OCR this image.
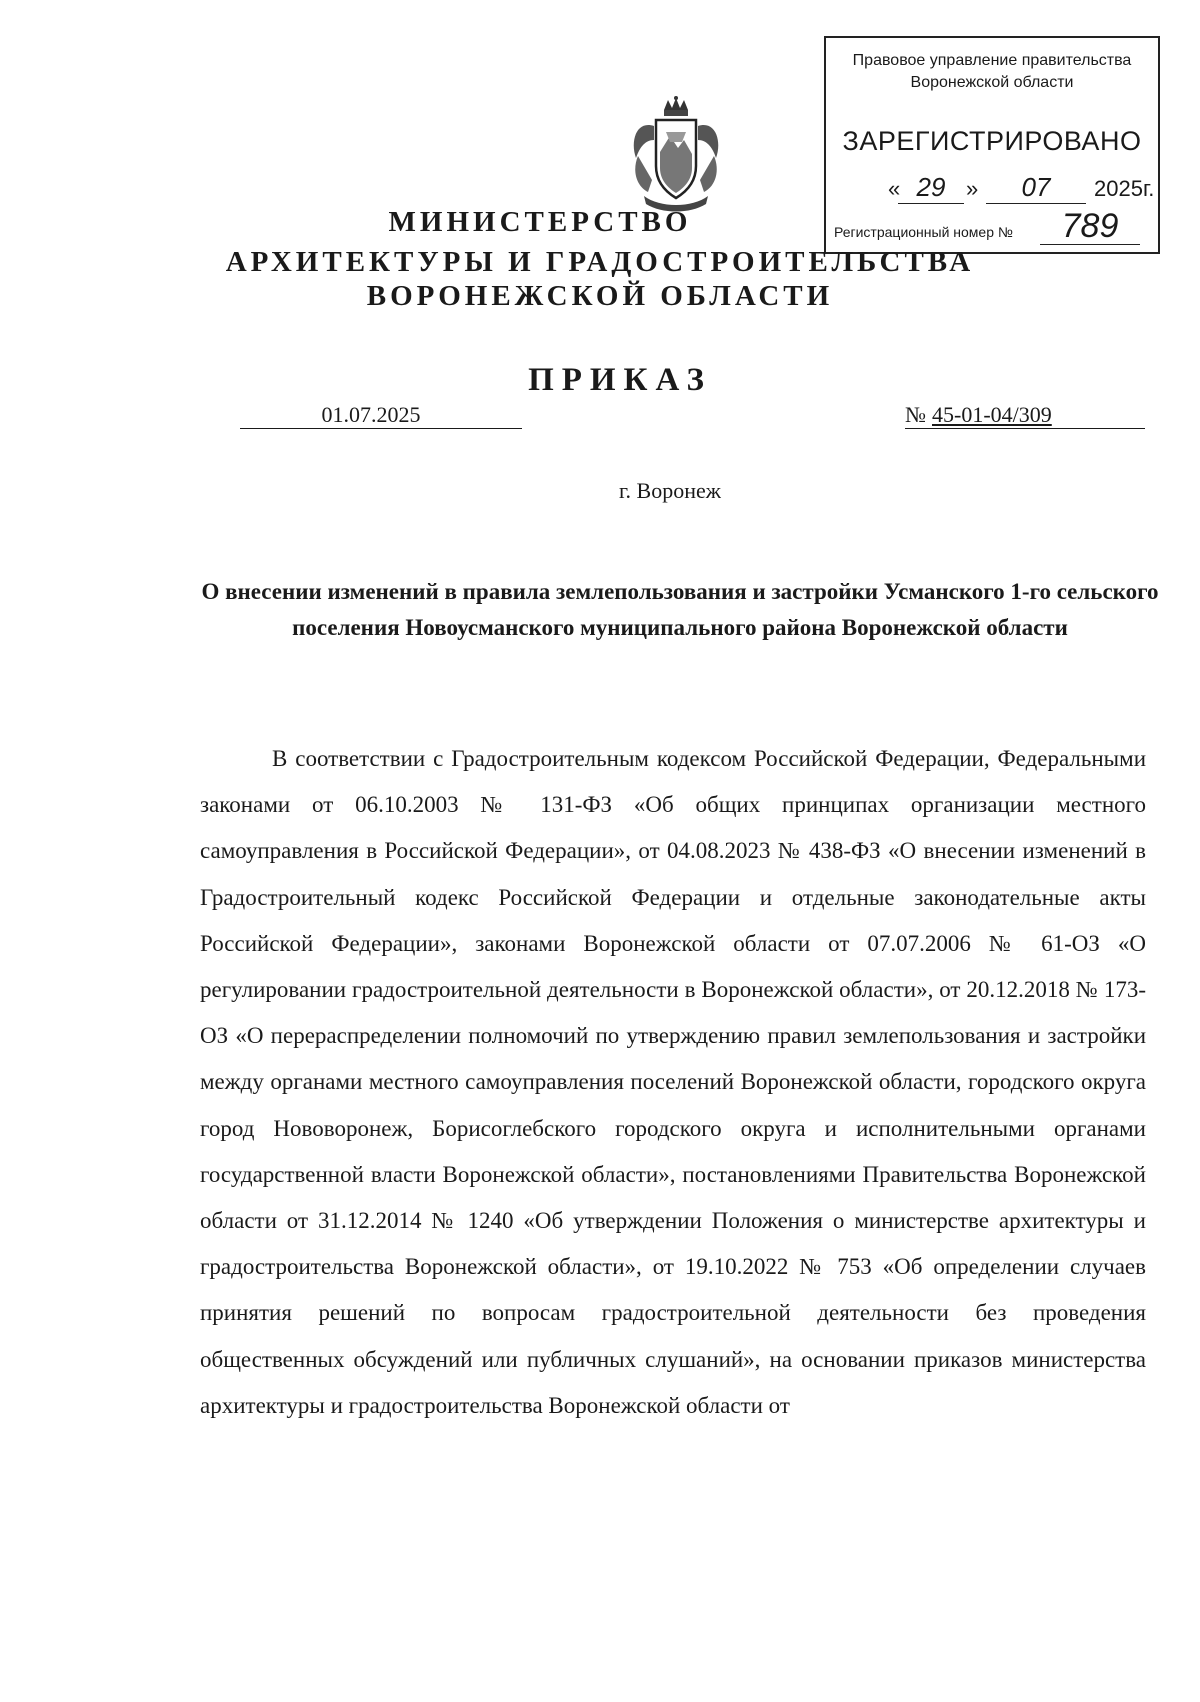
Правовое управление правительства
Воронежской области
ЗАРЕГИСТРИРОВАНО
« 29 »	07	2025г.
Регистрационный номер №	789
МИНИСТЕРСТВО
АРХИТЕКТУРЫ И ГРАДОСТРОИТЕЛЬСТВА
ВОРОНЕЖСКОЙ ОБЛАСТИ
ПРИКАЗ
01.07.2025	№ 45-01-04/309
г. Воронеж
О внесении изменений в правила землепользования и застройки Усманского 1-го сельского поселения Новоусманского муниципального района Воронежской области

В соответствии с Градостроительным кодексом Российской Федерации, Федеральными законами от 06.10.2003 № 131-ФЗ «Об общих принципах организации местного самоуправления в Российской Федерации», от 04.08.2023 № 438-ФЗ «О внесении изменений в Градостроительный кодекс Российской Федерации и отдельные законодательные акты Российской Федерации», законами Воронежской области от 07.07.2006 № 61-ОЗ «О регулировании градостроительной деятельности в Воронежской области», от 20.12.2018 № 173-ОЗ «О перераспределении полномочий по утверждению правил землепользования и застройки между органами местного самоуправления поселений Воронежской области, городского округа город Нововоронеж, Борисоглебского городского округа и исполнительными органами государственной власти Воронежской области», постановлениями Правительства Воронежской области от 31.12.2014 № 1240 «Об утверждении Положения о министерстве архитектуры и градостроительства Воронежской области», от 19.10.2022 № 753 «Об определении случаев принятия решений по вопросам градостроительной деятельности без проведения общественных обсуждений или публичных слушаний», на основании приказов министерства архитектуры и градостроительства Воронежской области от
